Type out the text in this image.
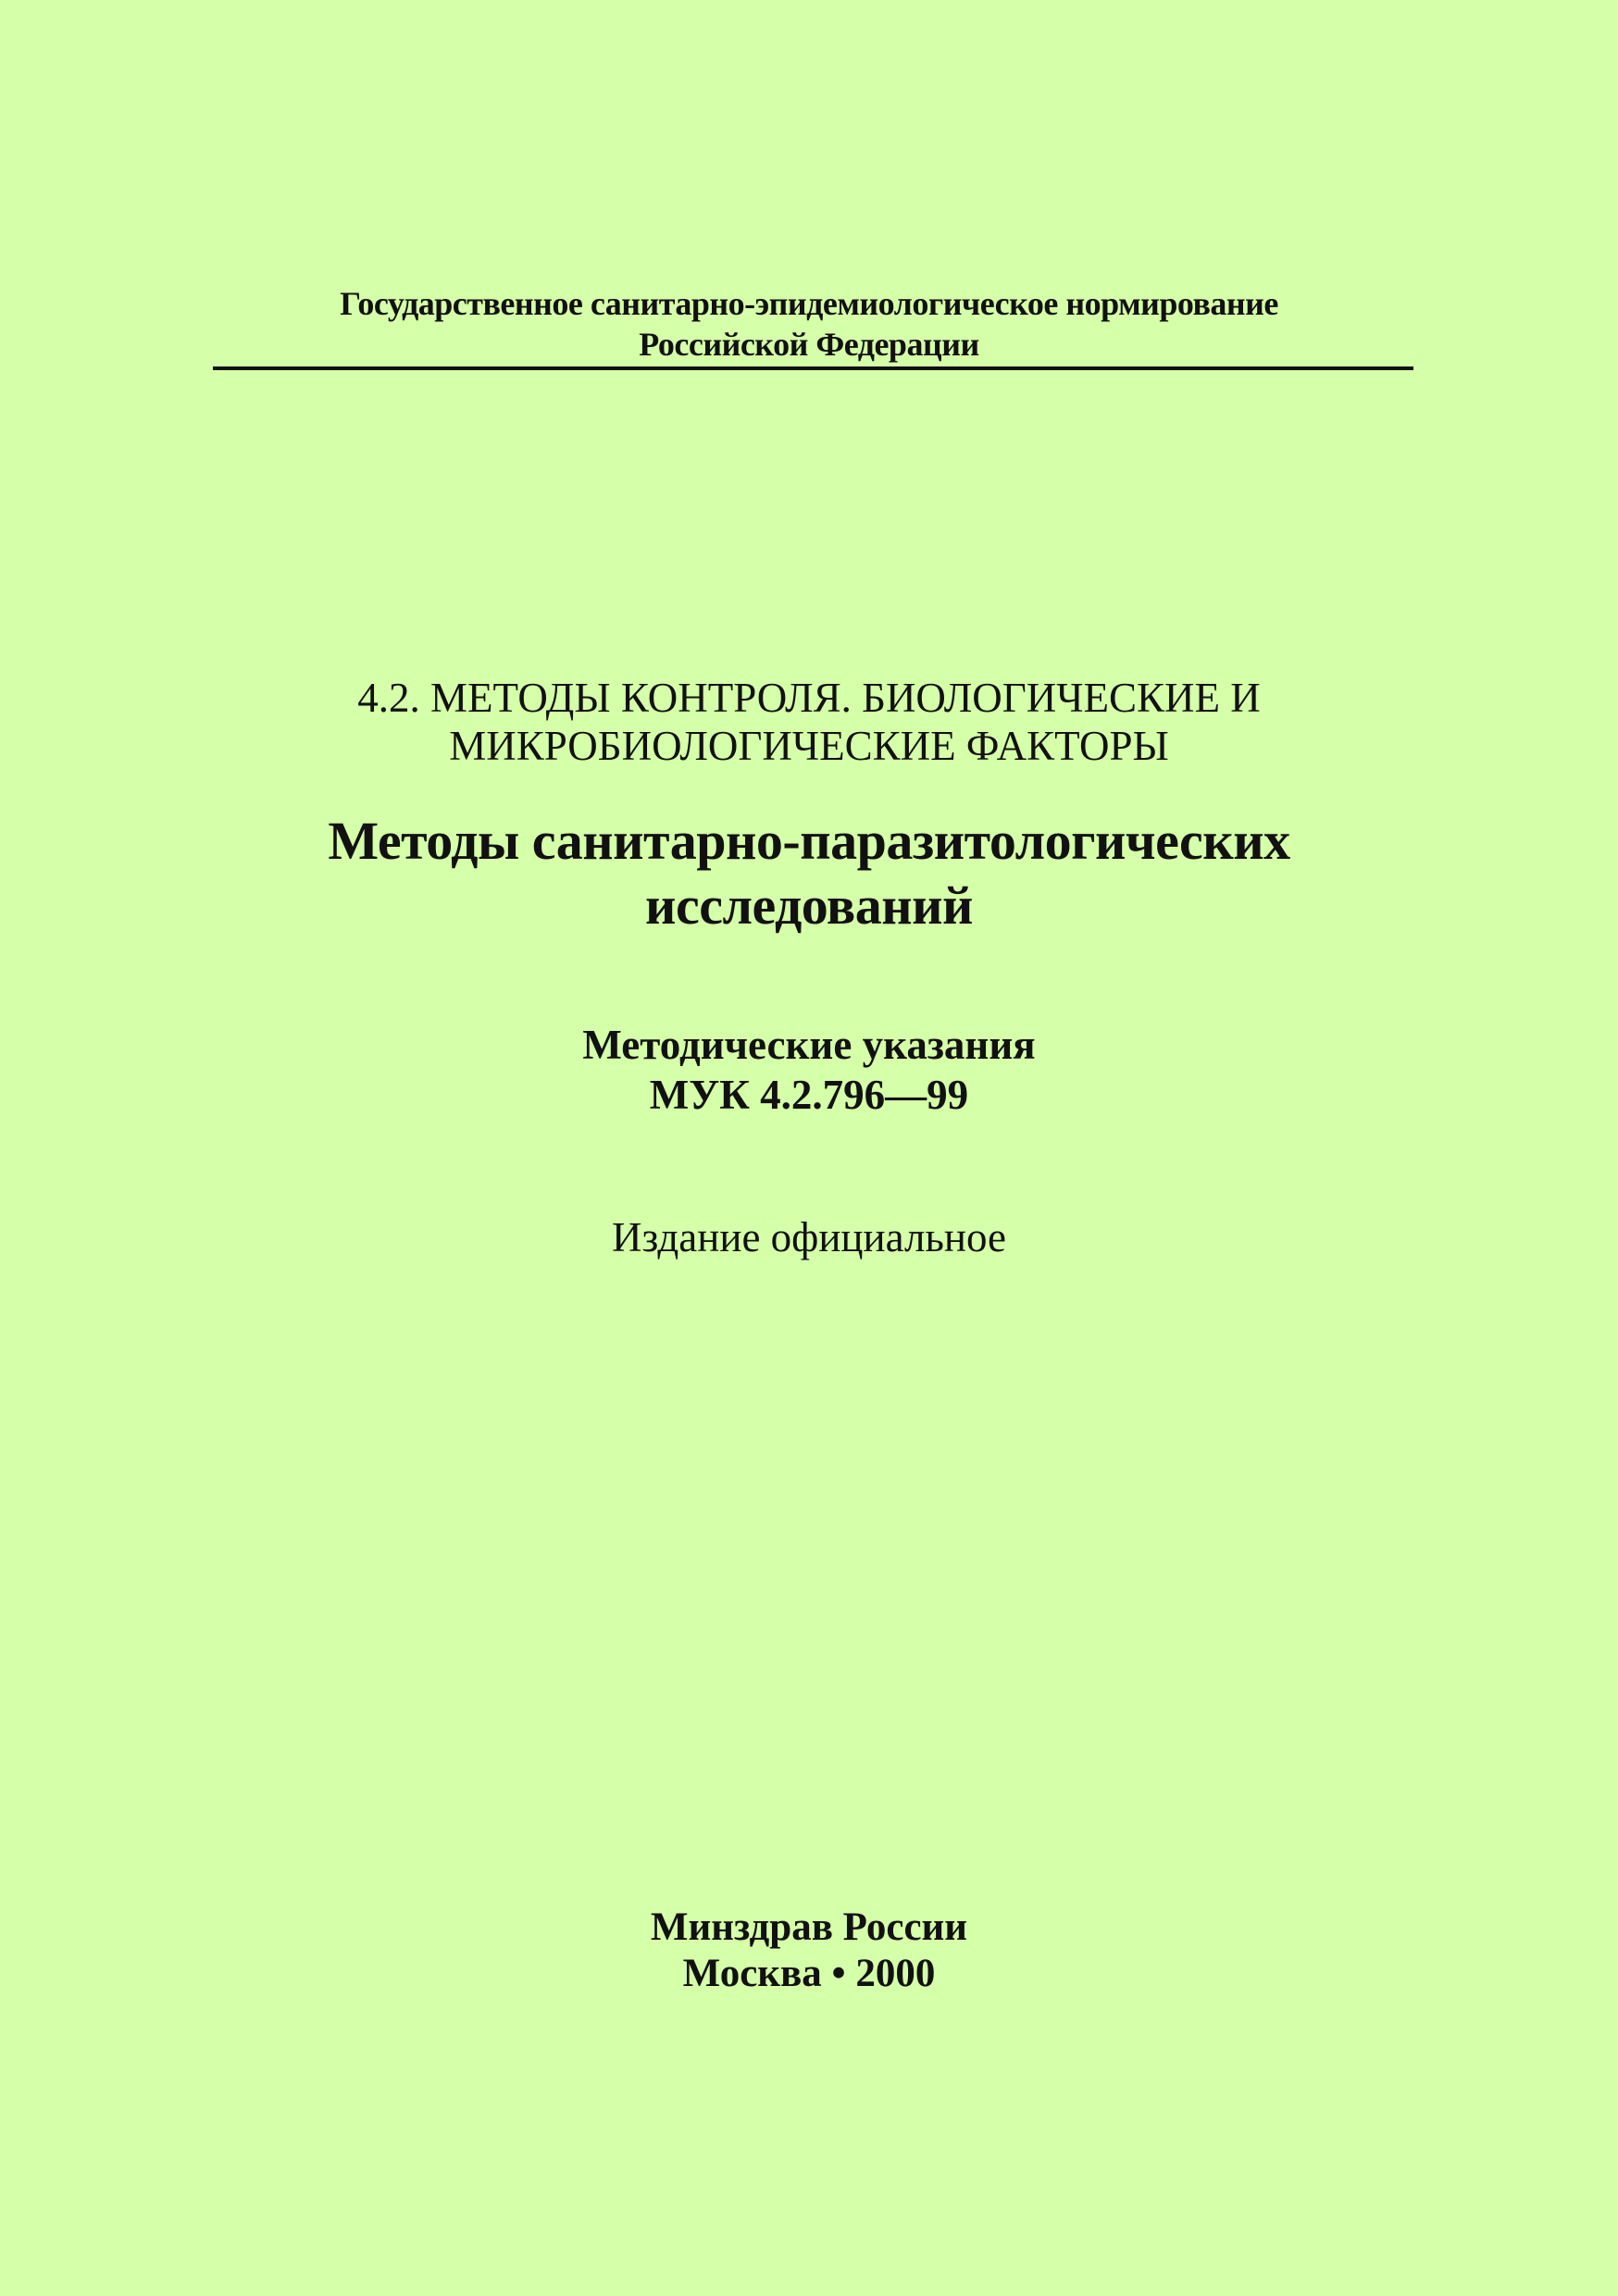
Государственное санитарно-эпидемиологическое нормирование
Российской Федерации
4.2. МЕТОДЫ КОНТРОЛЯ. БИОЛОГИЧЕСКИЕ И
МИКРОБИОЛОГИЧЕСКИЕ ФАКТОРЫ
Методы санитарно-паразитологических
исследований
Методические указания
МУК 4.2.796—99
Издание официальное
Минздрав России
Москва • 2000
